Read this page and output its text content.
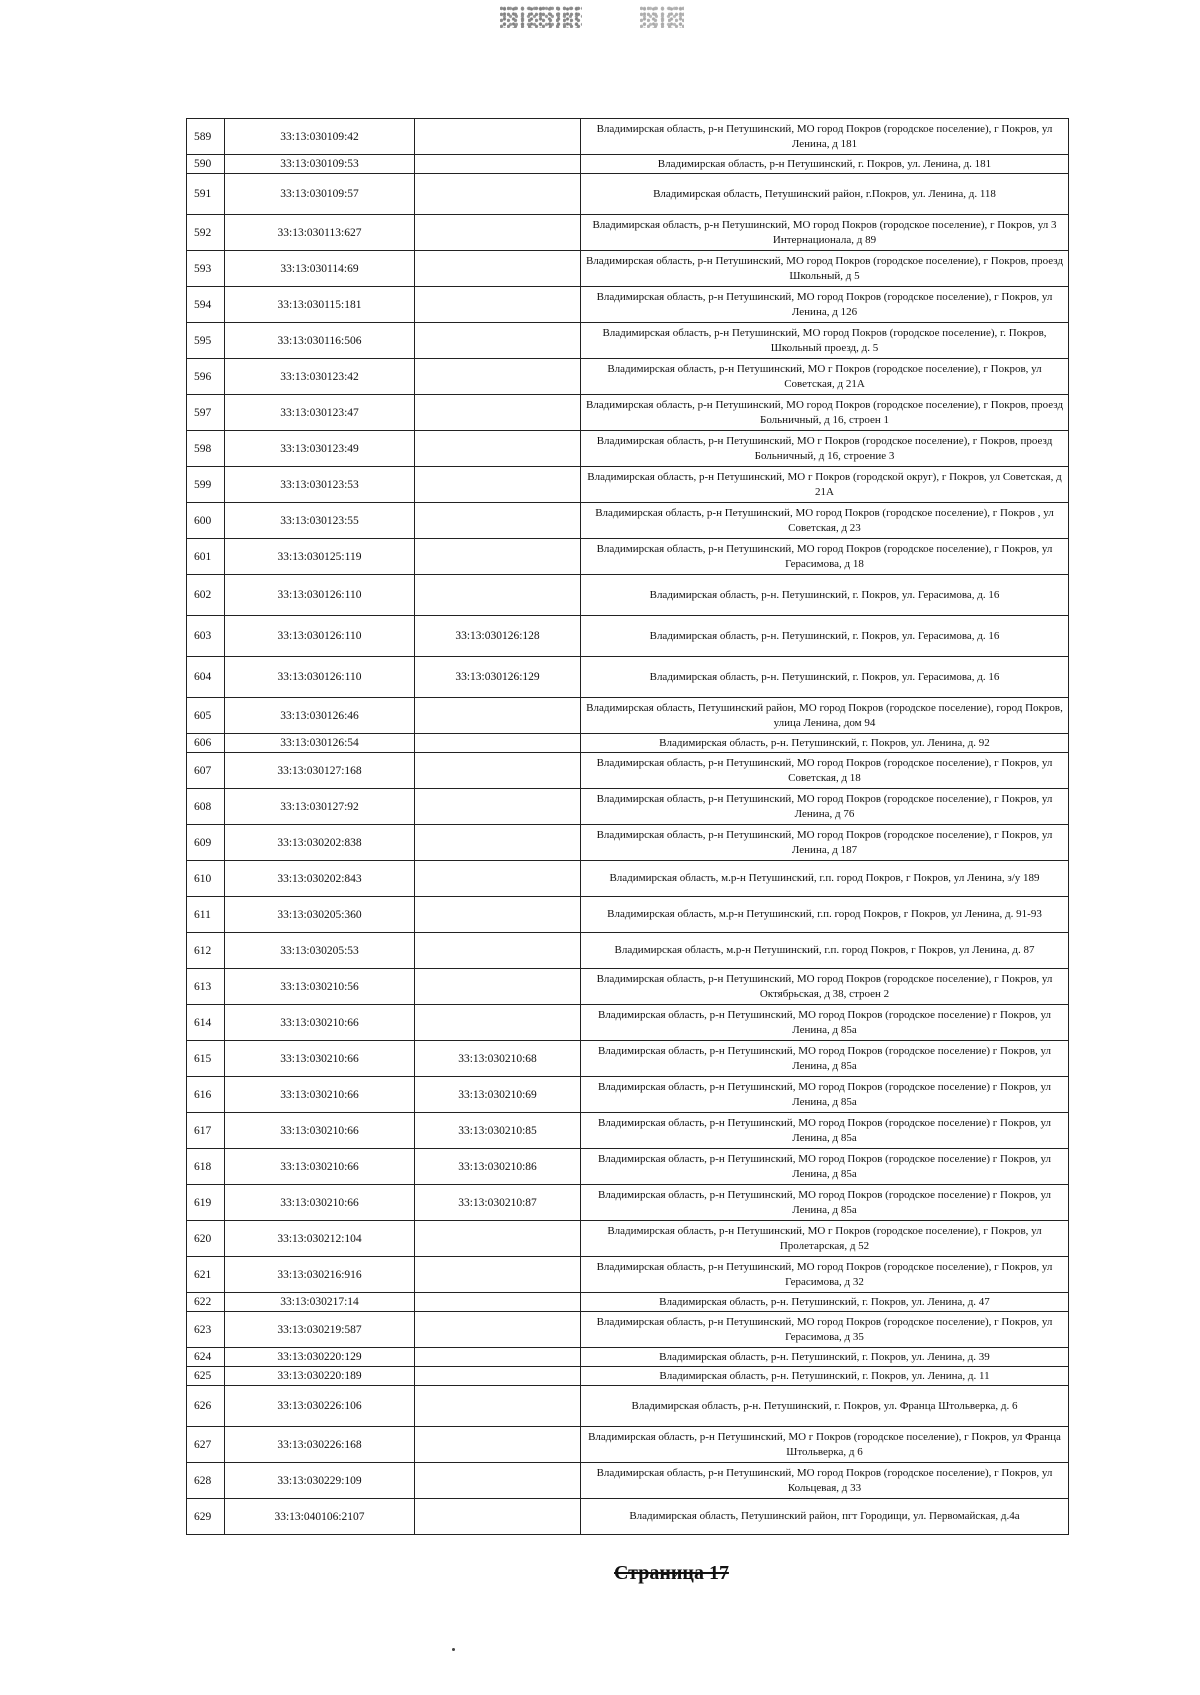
589	33:13:030109:42		Владимирская область, р-н Петушинский, МО город Покров (городское поселение), г Покров, ул Ленина, д 181
590	33:13:030109:53		Владимирская область, р-н Петушинский, г. Покров, ул. Ленина, д. 181
591	33:13:030109:57		Владимирская область, Петушинский район, г.Покров, ул. Ленина, д. 118
592	33:13:030113:627		Владимирская область, р-н Петушинский, МО город Покров (городское поселение), г Покров, ул 3 Интернационала, д 89
593	33:13:030114:69		Владимирская область, р-н Петушинский, МО город Покров (городское поселение), г Покров, проезд Школьный, д 5
594	33:13:030115:181		Владимирская область, р-н Петушинский, МО город Покров (городское поселение), г Покров, ул Ленина, д 126
595	33:13:030116:506		Владимирская область, р-н Петушинский, МО город Покров (городское поселение), г. Покров, Школьный проезд, д. 5
596	33:13:030123:42		Владимирская область, р-н Петушинский, МО г Покров (городское поселение), г Покров, ул Советская, д 21А
597	33:13:030123:47		Владимирская область, р-н Петушинский, МО город Покров (городское поселение), г Покров, проезд Больничный, д 16, строен 1
598	33:13:030123:49		Владимирская область, р-н Петушинский, МО г Покров (городское поселение), г Покров, проезд Больничный, д 16, строение 3
599	33:13:030123:53		Владимирская область, р-н Петушинский, МО г Покров (городской округ), г Покров, ул Советская, д 21А
600	33:13:030123:55		Владимирская область, р-н Петушинский, МО город Покров (городское поселение), г Покров , ул Советская, д 23
601	33:13:030125:119		Владимирская область, р-н Петушинский, МО город Покров (городское поселение), г Покров, ул Герасимова, д 18
602	33:13:030126:110		Владимирская область, р-н. Петушинский, г. Покров, ул. Герасимова, д. 16
603	33:13:030126:110	33:13:030126:128	Владимирская область, р-н. Петушинский, г. Покров, ул. Герасимова, д. 16
604	33:13:030126:110	33:13:030126:129	Владимирская область, р-н. Петушинский, г. Покров, ул. Герасимова, д. 16
605	33:13:030126:46		Владимирская область, Петушинский район, МО город Покров (городское поселение), город Покров, улица Ленина, дом 94
606	33:13:030126:54		Владимирская область, р-н. Петушинский, г. Покров, ул. Ленина, д. 92
607	33:13:030127:168		Владимирская область, р-н Петушинский, МО город Покров (городское поселение), г Покров, ул Советская, д 18
608	33:13:030127:92		Владимирская область, р-н Петушинский, МО город Покров (городское поселение), г Покров, ул Ленина, д 76
609	33:13:030202:838		Владимирская область, р-н Петушинский, МО город Покров (городское поселение), г Покров, ул Ленина, д 187
610	33:13:030202:843		Владимирская область, м.р-н Петушинский, г.п. город Покров, г Покров, ул Ленина, з/у 189
611	33:13:030205:360		Владимирская область, м.р-н Петушинский, г.п. город Покров, г Покров, ул Ленина, д. 91-93
612	33:13:030205:53		Владимирская область, м.р-н Петушинский, г.п. город Покров, г Покров, ул Ленина, д. 87
613	33:13:030210:56		Владимирская область, р-н Петушинский, МО город Покров (городское поселение), г Покров, ул Октябрьская, д 38, строен 2
614	33:13:030210:66		Владимирская область, р-н Петушинский, МО город Покров (городское поселение) г Покров, ул Ленина, д 85а
615	33:13:030210:66	33:13:030210:68	Владимирская область, р-н Петушинский, МО город Покров (городское поселение) г Покров, ул Ленина, д 85а
616	33:13:030210:66	33:13:030210:69	Владимирская область, р-н Петушинский, МО город Покров (городское поселение) г Покров, ул Ленина, д 85а
617	33:13:030210:66	33:13:030210:85	Владимирская область, р-н Петушинский, МО город Покров (городское поселение) г Покров, ул Ленина, д 85а
618	33:13:030210:66	33:13:030210:86	Владимирская область, р-н Петушинский, МО город Покров (городское поселение) г Покров, ул Ленина, д 85а
619	33:13:030210:66	33:13:030210:87	Владимирская область, р-н Петушинский, МО город Покров (городское поселение) г Покров, ул Ленина, д 85а
620	33:13:030212:104		Владимирская область, р-н Петушинский, МО г Покров (городское поселение), г Покров, ул Пролетарская, д 52
621	33:13:030216:916		Владимирская область, р-н Петушинский, МО город Покров (городское поселение), г Покров, ул Герасимова, д 32
622	33:13:030217:14		Владимирская область, р-н. Петушинский, г. Покров, ул. Ленина, д. 47
623	33:13:030219:587		Владимирская область, р-н Петушинский, МО город Покров (городское поселение), г Покров, ул Герасимова, д 35
624	33:13:030220:129		Владимирская область, р-н. Петушинский, г. Покров, ул. Ленина, д. 39
625	33:13:030220:189		Владимирская область, р-н. Петушинский, г. Покров, ул. Ленина, д. 11
626	33:13:030226:106		Владимирская область, р-н. Петушинский, г. Покров, ул. Франца Штольверка, д. 6
627	33:13:030226:168		Владимирская область, р-н Петушинский, МО г Покров (городское поселение), г Покров, ул Франца Штольверка, д 6
628	33:13:030229:109		Владимирская область, р-н Петушинский, МО город Покров (городское поселение), г Покров, ул Кольцевая, д 33
629	33:13:040106:2107		Владимирская область, Петушинский район, пгт Городищи, ул. Первомайская, д.4а
Страница 17
